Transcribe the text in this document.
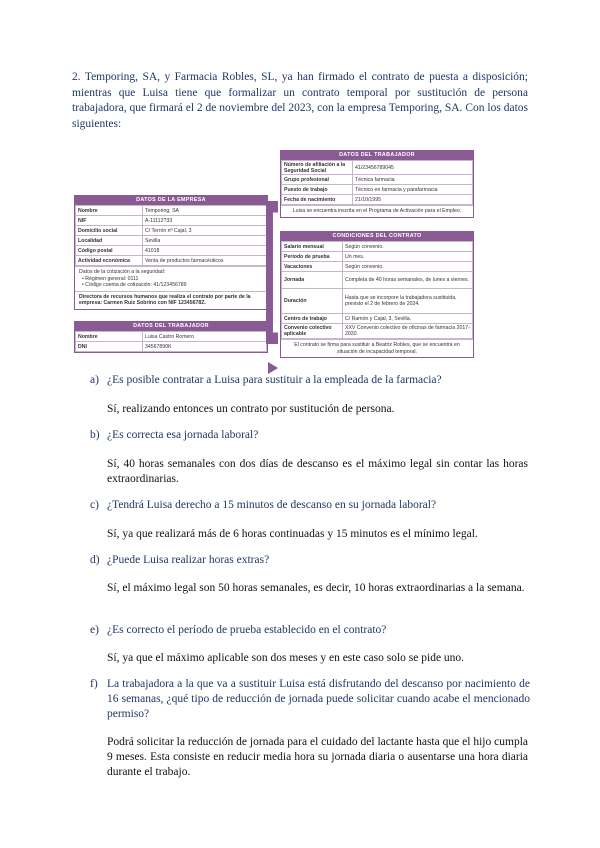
2. Temporing, SA, y Farmacia Robles, SL, ya han firmado el contrato de puesta a disposición; mientras que Luisa tiene que formalizar un contrato temporal por sustitución de persona trabajadora, que firmará el 2 de noviembre del 2023, con la empresa Temporing, SA. Con los datos siguientes:

DATOS DE LA EMPRESA
Nombre	Temporing, SA
NIF	A-11112?33
Domicilio social	C/ Terrón nº Cajal, 3
Localidad	Sevilla
Código postal	41018
Actividad económica	Venta de productos farmacéuticos
Datos de la cotización a la seguridad:
• Régimen general: 0111
• Código cuenta de cotización: 41/123456789
Directora de recursos humanos que realiza el contrato por parte de la empresa: Carmen Ruiz Sobrino con NIF 12345678Z.
DATOS DEL TRABAJADOR
Nombre	Luisa Castro Romero
DNI	34567890K
DATOS DEL TRABAJADOR
Número de afiliación a la Seguridad Social	41/23456789045
Grupo profesional	Técnica farmacia
Puesto de trabajo	Técnico en farmacia y parafarmacia
Fecha de nacimiento	21/10/1995
Luisa se encuentra inscrita en el Programa de Activación para el Empleo.
CONDICIONES DEL CONTRATO
Salario mensual	Según convenio.
Período de prueba	Un mes.
Vacaciones	Según convenio.
Jornada	Completa de 40 horas semanales, de lunes a viernes.
Duración	Hasta que se incorpore la trabajadora sustituida, previsto el 2 de febrero de 2024.
Centro de trabajo	C/ Ramón y Cajal, 3, Sevilla.
Convenio colectivo aplicable	XXV Convenio colectivo de oficinas de farmacia 2017-2020.
El contrato se firma para sustituir a Beatriz Robles, que se encuentra en situación de incapacidad temporal.
a) ¿Es posible contratar a Luisa para sustituir a la empleada de la farmacia?

Sí, realizando entonces un contrato por sustitución de persona.

b) ¿Es correcta esa jornada laboral?

Sí, 40 horas semanales con dos días de descanso es el máximo legal sin contar las horas extraordinarias.

c) ¿Tendrá Luisa derecho a 15 minutos de descanso en su jornada laboral?

Sí, ya que realizará más de 6 horas continuadas y 15 minutos es el mínimo legal.

d) ¿Puede Luisa realizar horas extras?

Sí, el máximo legal son 50 horas semanales, es decir, 10 horas extraordinarias a la semana.

e) ¿Es correcto el período de prueba establecido en el contrato?

Sí, ya que el máximo aplicable son dos meses y en este caso solo se pide uno.

f) La trabajadora a la que va a sustituir Luisa está disfrutando del descanso por nacimiento de 16 semanas, ¿qué tipo de reducción de jornada puede solicitar cuando acabe el mencionado permiso?

Podrá solicitar la reducción de jornada para el cuidado del lactante hasta que el hijo cumpla 9 meses. Esta consiste en reducir media hora su jornada diaria o ausentarse una hora diaria durante el trabajo.
